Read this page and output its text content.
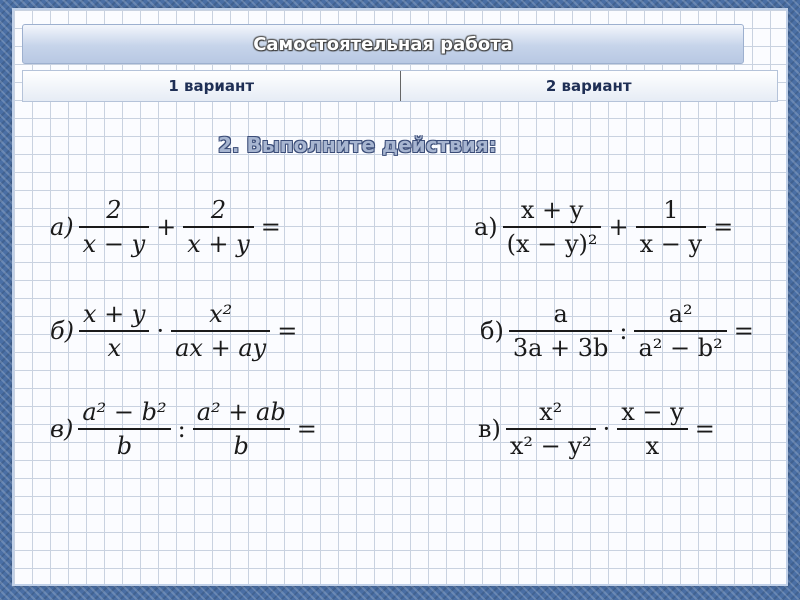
Самостоятельная работа
1 вариант	2 вариант
2. Выполните действия:
$а) \frac{2}{x - y} + \frac{2}{x + y}$ =
$б) \frac{x + y}{x} \cdot \frac{\text{x²}}{ax + ay}$ =
$в) \frac{\text{a² − b²}}{b}$ : $\frac{\text{a² + ab}}{b}$ =
$а) \frac{x + y}{\text{(x − y)²}} + \frac{1}{x - y}$ =
$б) \frac{a}{3a + 3b}$ : $\frac{\text{a²}}{\text{a² − b²}}$ =
$в) \frac{\text{x²}}{\text{x² − y²}} \cdot \frac{x - y}{x}$ =
